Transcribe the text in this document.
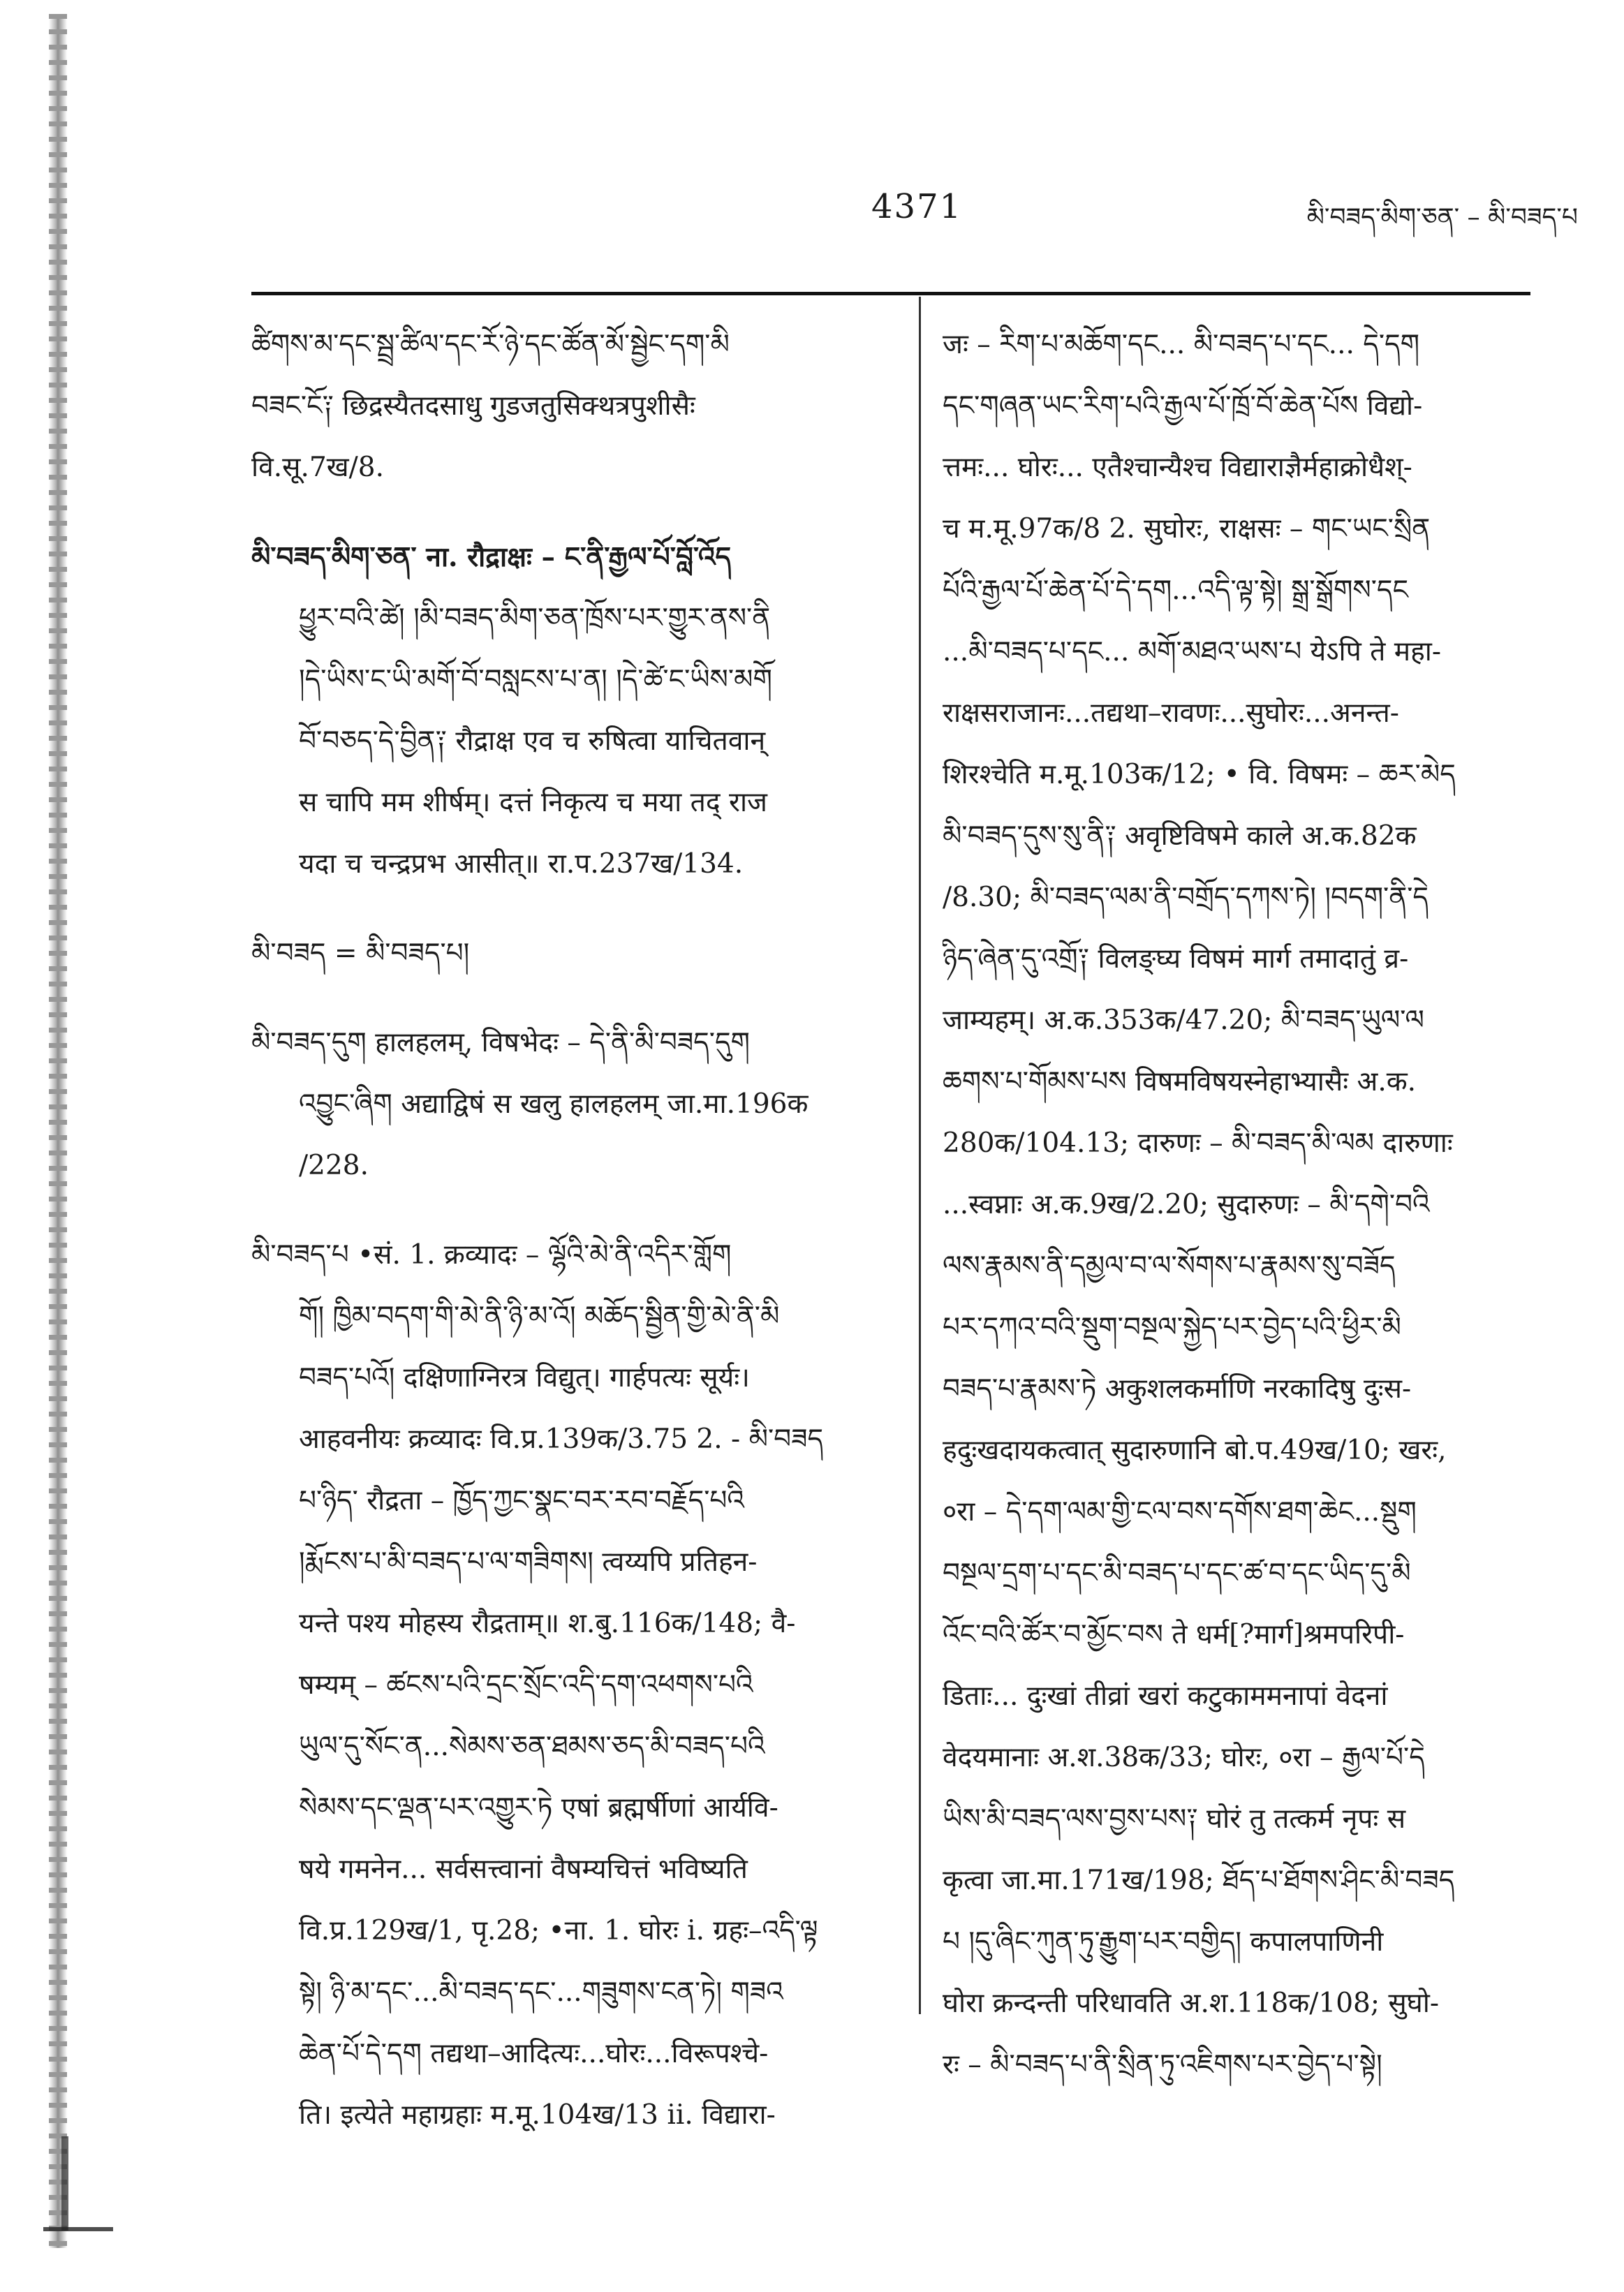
4371	མི་བཟད་མིག་ཅན་ – མི་བཟད་པ
ཚིགས་མ་དང་སྦྲ་ཚིལ་དང་རོ་ཉེ་དང་ཚོན་མོ་སྦྱེང་དག་མི
བཟང་ངོ༑ छिद्रस्यैतदसाधु गुडजतुसिक्थत्रपुशीसैः
वि.सू.7ख/8.
མི་བཟད་མིག་ཅན་ ना. रौद्राक्षः – ང་ནི་རྒྱལ་པོ་བློ་འོད
ཕྱུར་བའི་ཚེ། །མི་བཟད་མིག་ཅན་ཁྲོས་པར་གྱུར་ནས་ནི
།དེ་ཡིས་ང་ཡི་མགོ་བོ་བསླངས་པ་ན། །དེ་ཚེ་ང་ཡིས་མགོ
བོ་བཅད་དེ་བྱིན༑ रौद्राक्ष एव च रुषित्वा याचितवान्
स चापि मम शीर्षम्। दत्तं निकृत्य च मया तद् राज
यदा च चन्द्रप्रभ आसीत्॥ रा.प.237ख/134.
མི་བཟད = མི་བཟད་པ།
མི་བཟད་དུག हालहलम्, विषभेदः – དེ་ནི་མི་བཟད་དུག
འབྱུང་ཞིག अद्याद्विषं स खलु हालहलम् जा.मा.196क
/228.
མི་བཟད་པ •सं. 1. क्रव्यादः – ལྷོའི་མེ་ནི་འདིར་གློག
གོ། ཁྱིམ་བདག་གི་མེ་ནི་ཉི་མ་འོ། མཆོད་སྦྱིན་གྱི་མེ་ནི་མི
བཟད་པའོ། दक्षिणाग्निरत्र विद्युत्। गार्हपत्यः सूर्यः।
आहवनीयः क्रव्यादः वि.प्र.139क/3.75 2. - མི་བཟད
པ་ཉིད་ रौद्रता – ཁྱོད་ཀྱང་སྣང་བར་རབ་བརྗོད་པའི
།རྨོངས་པ་མི་བཟད་པ་ལ་གཟིགས། त्वय्यपि प्रतिहन-
यन्ते पश्य मोहस्य रौद्रताम्॥ श.बु.116क/148; वै-
षम्यम् – ཚངས་པའི་དྲང་སྲོང་འདི་དག་འཕགས་པའི
ཡུལ་དུ་སོང་ན...སེམས་ཅན་ཐམས་ཅད་མི་བཟད་པའི
སེམས་དང་ལྡན་པར་འགྱུར་ཏེ एषां ब्रह्मर्षीणां आर्यवि-
षये गमनेन... सर्वसत्त्वानां वैषम्यचित्तं भविष्यति
वि.प्र.129ख/1, पृ.28; •ना. 1. घोरः i. ग्रहः–འདི་ལྟ
སྟེ། ཉི་མ་དང་...མི་བཟད་དང་...གཟུགས་ངན་ཏེ། གཟའ
ཆེན་པོ་དེ་དག तद्यथा–आदित्यः...घोरः...विरूपश्चे-
ति। इत्येते महाग्रहाः म.मू.104ख/13 ii. विद्यारा-
जः – རིག་པ་མཆོག་དང... མི་བཟད་པ་དང... དེ་དག
དང་གཞན་ཡང་རིག་པའི་རྒྱལ་པོ་ཁྲོ་བོ་ཆེན་པོས विद्यो-
त्तमः... घोरः... एतैश्चान्यैश्च विद्याराज्ञैर्महाक्रोधैश्-
च म.मू.97क/8 2. सुघोरः, राक्षसः – གང་ཡང་སྲིན
པོའི་རྒྱལ་པོ་ཆེན་པོ་དེ་དག...འདི་ལྟ་སྟེ། སྒྲ་སྒྲོགས་དང
...མི་བཟད་པ་དང... མགོ་མཐའ་ཡས་པ येऽपि ते महा-
राक्षसराजानः...तद्यथा–रावणः...सुघोरः...अनन्त-
शिरश्चेति म.मू.103क/12; • वि. विषमः – ཆར་མེད
མི་བཟད་དུས་སུ་ནི༑ अवृष्टिविषमे काले अ.क.82क
/8.30; མི་བཟད་ལམ་ནི་བགྲོད་དཀས་ཏེ། །བདག་ནི་དེ
ཉིད་ཞེན་དུ་འགྲོ༑ विलङ्घ्य विषमं मार्ग तमादातुं व्र-
जाम्यहम्। अ.क.353क/47.20; མི་བཟད་ཡུལ་ལ
ཆགས་པ་གོམས་པས विषमविषयस्नेहाभ्यासैः अ.क.
280क/104.13; दारुणः – མི་བཟད་མི་ལམ दारुणाः
...स्वप्नाः अ.क.9ख/2.20; सुदारुणः – མི་དགེ་བའི
ལས་རྣམས་ནི་དམྱལ་བ་ལ་སོགས་པ་རྣམས་སུ་བཟོད
པར་དཀའ་བའི་སྡུག་བསྔལ་སྐྱེད་པར་བྱེད་པའི་ཕྱིར་མི
བཟད་པ་རྣམས་ཏེ अकुशलकर्माणि नरकादिषु दुःस-
हदुःखदायकत्वात् सुदारुणानि बो.प.49ख/10; खरः,
०रा – དེ་དག་ལམ་གྱི་ངལ་བས་དགོས་ཐག་ཆེང...སྡུག
བསྔལ་དྲག་པ་དང་མི་བཟད་པ་དང་ཚ་བ་དང་ཡིད་དུ་མི
འོང་བའི་ཚོར་བ་མྱོང་བས ते धर्म[?मार्ग]श्रमपरिपी-
डिताः... दुःखां तीव्रां खरां कटुकाममनापां वेदनां
वेदयमानाः अ.श.38क/33; घोरः, ०रा – རྒྱལ་པོ་དེ
ཡིས་མི་བཟད་ལས་བྱས་པས༑ घोरं तु तत्कर्म नृपः स
कृत्वा जा.मा.171ख/198; ཐོད་པ་ཐོགས་ཤིང་མི་བཟད
པ །དུ་ཞིང་ཀུན་ཏུ་རྒྱུག་པར་བགྱིད། कपालपाणिनी
घोरा क्रन्दन्ती परिधावति अ.श.118क/108; सुघो-
रः – མི་བཟད་པ་ནི་སྲིན་ཏུ་འཇིགས་པར་བྱེད་པ་སྟེ།
